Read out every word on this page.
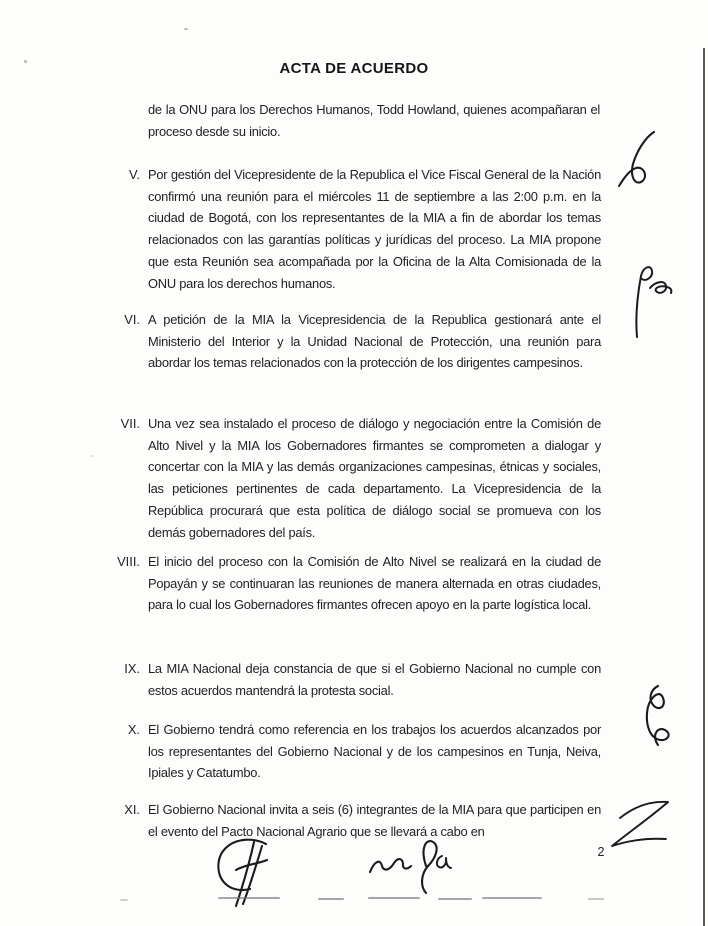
ACTA DE ACUERDO
de la ONU para los Derechos Humanos, Todd Howland, quienes acompañaran el proceso desde su inicio.
V. Por gestión del Vicepresidente de la Republica el Vice Fiscal General de la Nación confirmó una reunión para el miércoles 11 de septiembre a las 2:00 p.m. en la ciudad de Bogotá, con los representantes de la MIA a fin de abordar los temas relacionados con las garantías políticas y jurídicas del proceso. La MIA propone que esta Reunión sea acompañada por la Oficina de la Alta Comisionada de la ONU para los derechos humanos.
VI. A petición de la MIA la Vicepresidencia de la Republica gestionará ante el Ministerio del Interior y la Unidad Nacional de Protección, una reunión para abordar los temas relacionados con la protección de los dirigentes campesinos.
VII. Una vez sea instalado el proceso de diálogo y negociación entre la Comisión de Alto Nivel y la MIA los Gobernadores firmantes se comprometen a dialogar y concertar con la MIA y las demás organizaciones campesinas, étnicas y sociales, las peticiones pertinentes de cada departamento. La Vicepresidencia de la República procurará que esta política de diálogo social se promueva con los demás gobernadores del país.
VIII. El inicio del proceso con la Comisión de Alto Nivel se realizará en la ciudad de Popayán y se continuaran las reuniones de manera alternada en otras ciudades, para lo cual los Gobernadores firmantes ofrecen apoyo en la parte logística local.
IX. La MIA Nacional deja constancia de que si el Gobierno Nacional no cumple con estos acuerdos mantendrá la protesta social.
X. El Gobierno tendrá como referencia en los trabajos los acuerdos alcanzados por los representantes del Gobierno Nacional y de los campesinos en Tunja, Neiva, Ipiales y Catatumbo.
XI. El Gobierno Nacional invita a seis (6) integrantes de la MIA para que participen en el evento del Pacto Nacional Agrario que se llevará a cabo en
2
